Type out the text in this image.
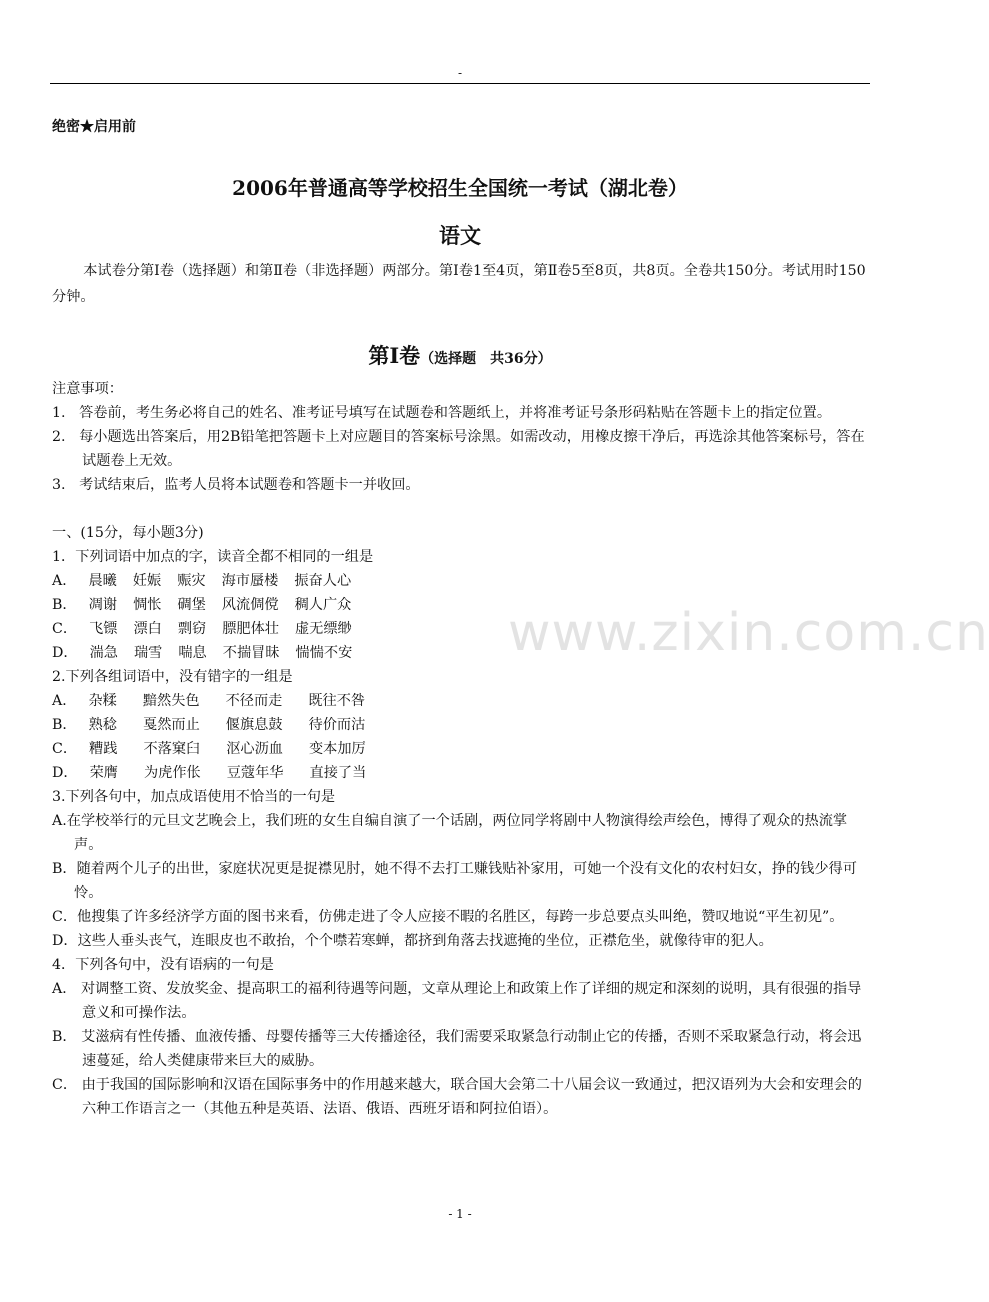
-
绝密★启用前
2006年普通高等学校招生全国统一考试（湖北卷）
语文

本试卷分第Ⅰ卷（选择题）和第Ⅱ卷（非选择题）两部分。第Ⅰ卷1至4页，第Ⅱ卷5至8页，共8页。全卷共150分。考试用时150分钟。

第Ⅰ卷（选择题　共36分）

注意事项：

1. 答卷前，考生务必将自己的姓名、准考证号填写在试题卷和答题纸上，并将准考证号条形码粘贴在答题卡上的指定位置。

2. 每小题选出答案后，用2B铅笔把答题卡上对应题目的答案标号涂黑。如需改动，用橡皮擦干净后，再选涂其他答案标号，答在试题卷上无效。

3. 考试结束后，监考人员将本试题卷和答题卡一并收回。

一、(15分，每小题3分)

1．下列词语中加点的字，读音全都不相同的一组是

A． 晨曦 妊娠 赈灾 海市蜃楼 振奋人心

B． 凋谢 惆怅 碉堡 风流倜傥 稠人广众

C． 飞镖 漂白 剽窃 膘肥体壮 虚无缥缈

D． 湍急 瑞雪 喘息 不揣冒昧 惴惴不安

2.下列各组词语中，没有错字的一组是

A． 杂糅 黯然失色 不径而走 既往不咎

B． 熟稔 戛然而止 偃旗息鼓 待价而沽

C． 糟践 不落窠臼 沤心沥血 变本加厉

D． 荣膺 为虎作伥 豆蔻年华 直接了当

3.下列各句中，加点成语使用不恰当的一句是

A.在学校举行的元旦文艺晚会上，我们班的女生自编自演了一个话剧，两位同学将剧中人物演得绘声绘色，博得了观众的热流掌声。

B．随着两个儿子的出世，家庭状况更是捉襟见肘，她不得不去打工赚钱贴补家用，可她一个没有文化的农村妇女，挣的钱少得可怜。

C．他搜集了许多经济学方面的图书来看，仿佛走进了令人应接不暇的名胜区，每跨一步总要点头叫绝，赞叹地说“平生初见”。

D．这些人垂头丧气，连眼皮也不敢抬，个个噤若寒蝉，都挤到角落去找遮掩的坐位，正襟危坐，就像待审的犯人。

4．下列各句中，没有语病的一句是

A． 对调整工资、发放奖金、提高职工的福利待遇等问题，文章从理论上和政策上作了详细的规定和深刻的说明，具有很强的指导意义和可操作法。

B． 艾滋病有性传播、血液传播、母婴传播等三大传播途径，我们需要采取紧急行动制止它的传播，否则不采取紧急行动，将会迅速蔓延，给人类健康带来巨大的威胁。

C． 由于我国的国际影响和汉语在国际事务中的作用越来越大，联合国大会第二十八届会议一致通过，把汉语列为大会和安理会的六种工作语言之一（其他五种是英语、法语、俄语、西班牙语和阿拉伯语）。

- 1 -
www.zixin.com.cn
